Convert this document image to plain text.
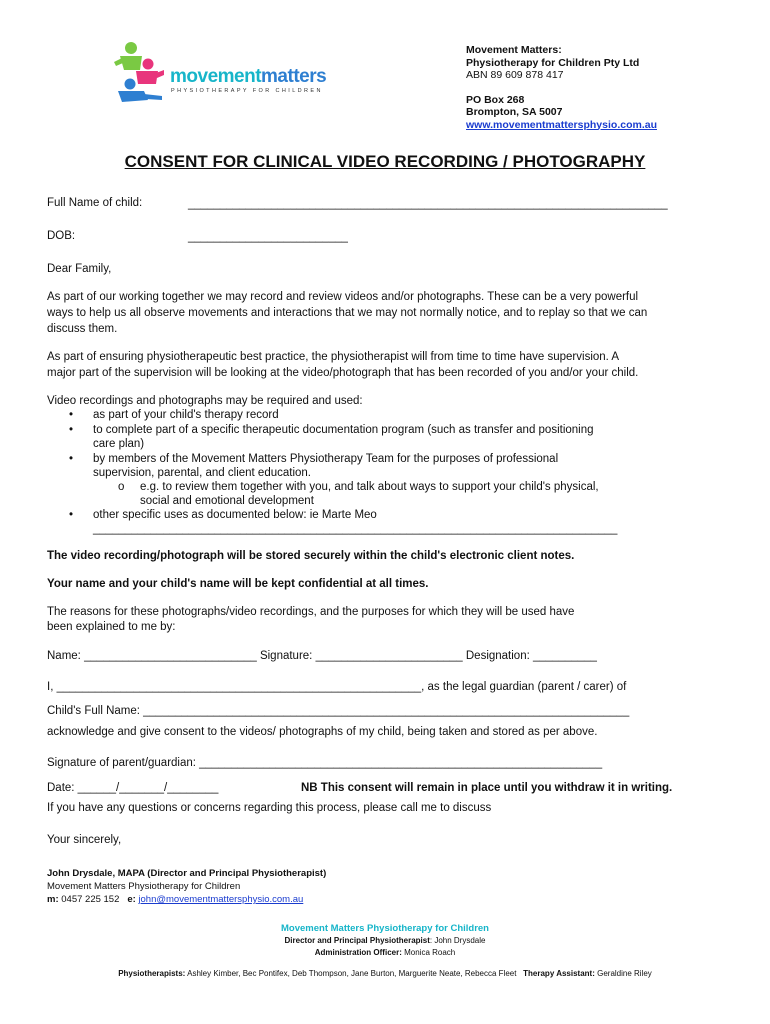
movementmatters
PHYSIOTHERAPY FOR CHILDREN
Movement Matters:
Physiotherapy for Children Pty Ltd
ABN 89 609 878 417
PO Box 268
Brompton, SA 5007
www.movementmattersphysio.com.au
CONSENT FOR CLINICAL VIDEO RECORDING / PHOTOGRAPHY
Full Name of child:	___________________________________________________________________________
DOB:	_________________________
Dear Family,
As part of our working together we may record and review videos and/or photographs. These can be a very powerful
ways to help us all observe movements and interactions that we may not normally notice, and to replay so that we can
discuss them.
As part of ensuring physiotherapeutic best practice, the physiotherapist will from time to time have supervision. A
major part of the supervision will be looking at the video/photograph that has been recorded of you and/or your child.
Video recordings and photographs may be required and used:
• as part of your child's therapy record
• to complete part of a specific therapeutic documentation program (such as transfer and positioning
care plan)
• by members of the Movement Matters Physiotherapy Team for the purposes of professional
supervision, parental, and client education.
o e.g. to review them together with you, and talk about ways to support your child's physical,
social and emotional development
• other specific uses as documented below: ie Marte Meo
__________________________________________________________________________________
The video recording/photograph will be stored securely within the child's electronic client notes.
Your name and your child's name will be kept confidential at all times.
The reasons for these photographs/video recordings, and the purposes for which they will be used have
been explained to me by:
Name: ___________________________ Signature: _______________________ Designation: __________
I, _________________________________________________________, as the legal guardian (parent / carer) of
Child's Full Name: ____________________________________________________________________________
acknowledge and give consent to the videos/ photographs of my child, being taken and stored as per above.
Signature of parent/guardian: _______________________________________________________________
Date: ______/_______/________	NB This consent will remain in place until you withdraw it in writing.
If you have any questions or concerns regarding this process, please call me to discuss
Your sincerely,
John Drysdale, MAPA (Director and Principal Physiotherapist)
Movement Matters Physiotherapy for Children
m: 0457 225 152 e: john@movementmattersphysio.com.au
Movement Matters Physiotherapy for Children
Director and Principal Physiotherapist: John Drysdale
Administration Officer: Monica Roach
Physiotherapists: Ashley Kimber, Bec Pontifex, Deb Thompson, Jane Burton, Marguerite Neate, Rebecca Fleet Therapy Assistant: Geraldine Riley
